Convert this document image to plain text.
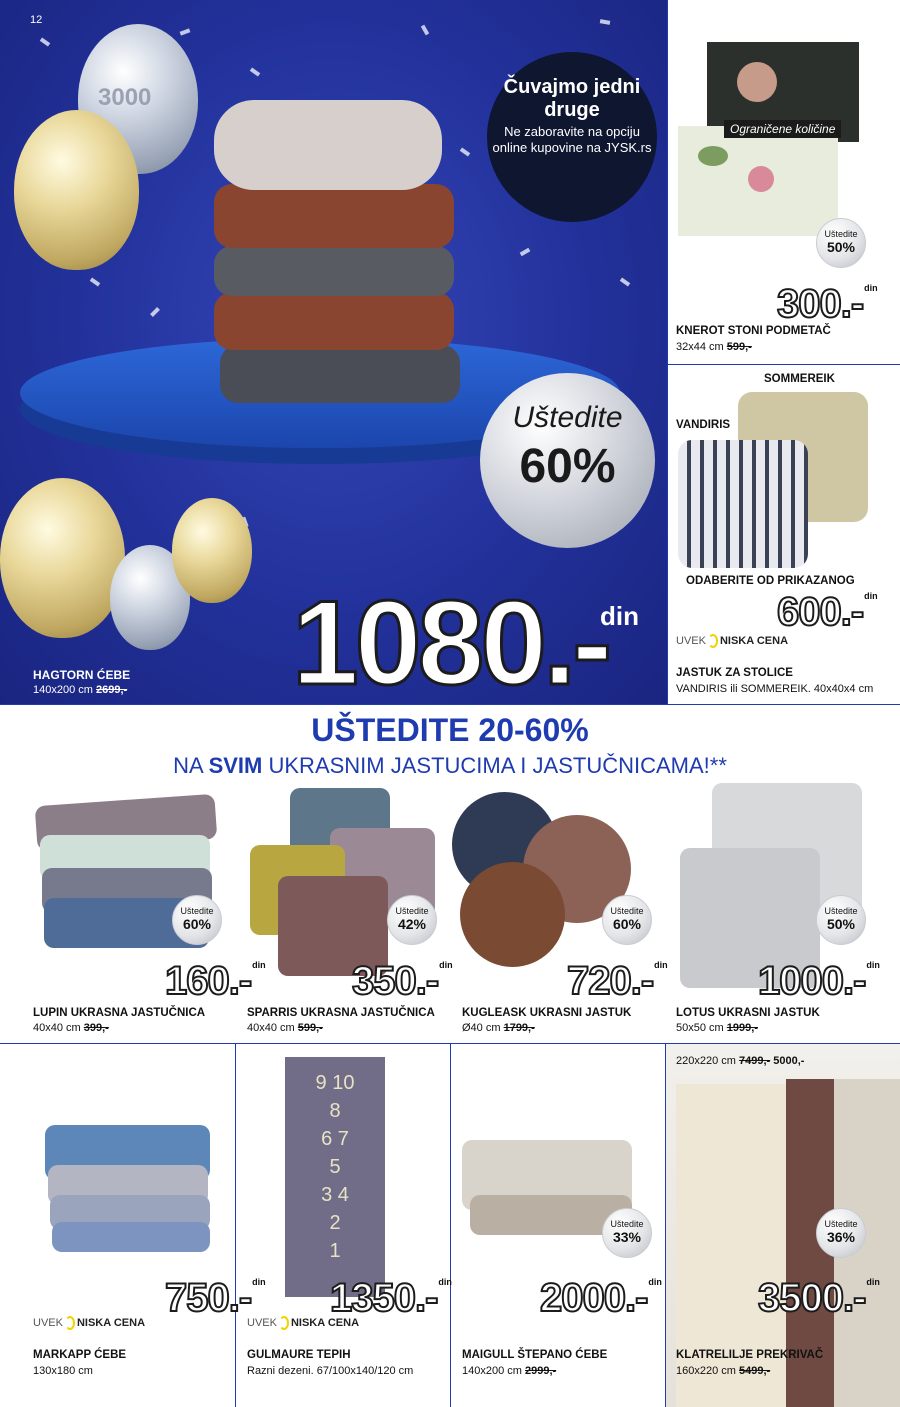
12
3000	Čuvajmo jedni druge
Ne zaboravite na opciju online kupovine na JYSK.rs
Uštedite
60%
1080.-
din
HAGTORN ĆEBE
140x200 cm 2699,-
Ograničene količine
Uštedite
50%
300.-$^{din}$
KNEROT STONI PODMETAČ
32x44 cm 599,-
SOMMEREIK
VANDIRIS
ODABERITE OD PRIKAZANOG
600.-$^{din}$
UVEK NISKA CENA
JASTUK ZA STOLICE
VANDIRIS ili SOMMEREIK. 40x40x4 cm
UŠTEDITE 20-60%
NA SVIM UKRASNIM JASTUCIMA I JASTUČNICAMA!**
Uštedite
60%
160.-$^{din}$
LUPIN UKRASNA JASTUČNICA
40x40 cm 399,-
Uštedite
42%
350.-$^{din}$
SPARRIS UKRASNA JASTUČNICA
40x40 cm 599,-
Uštedite
60%
720.-$^{din}$
KUGLEASK UKRASNI JASTUK
Ø40 cm 1799,-
Uštedite
50%
1000.-$^{din}$
LOTUS UKRASNI JASTUK
50x50 cm 1999,-
750.-$^{din}$
UVEK NISKA CENA
MARKAPP ĆEBE
130x180 cm
9 10
8
6 7
5
3 4
2
1
1350.-$^{din}$
UVEK NISKA CENA
GULMAURE TEPIH
Razni dezeni. 67/100x140/120 cm
Uštedite
33%
2000.-$^{din}$
MAIGULL ŠTEPANO ĆEBE
140x200 cm 2999,-
220x220 cm 7499,- 5000,-
Uštedite
36%
3500.-$^{din}$
KLATRELILJE PREKRIVAČ
160x220 cm 5499,-
